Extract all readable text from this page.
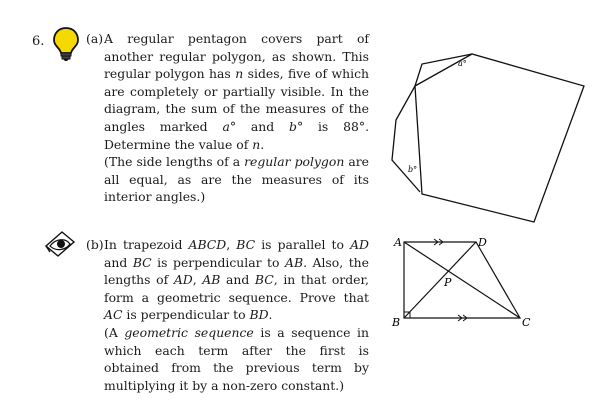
6.	(a) A regular pentagon covers part of another regular polygon, as shown. This regular polygon has n sides, five of which are completely or partially visible. In the diagram, the sum of the measures of the angles marked a° and b° is 88°. Determine the value of n.

(The side lengths of a regular polygon are all equal, as are the measures of its interior angles.)

a°
b°
(b) In trapezoid ABCD, BC is parallel to AD and BC is perpendicular to AB. Also, the lengths of AD, AB and BC, in that order, form a geometric sequence. Prove that AC is perpendicular to BD.

(A geometric sequence is a sequence in which each term after the first is obtained from the previous term by multiplying it by a non-zero constant.)

A	D
B	C
P
